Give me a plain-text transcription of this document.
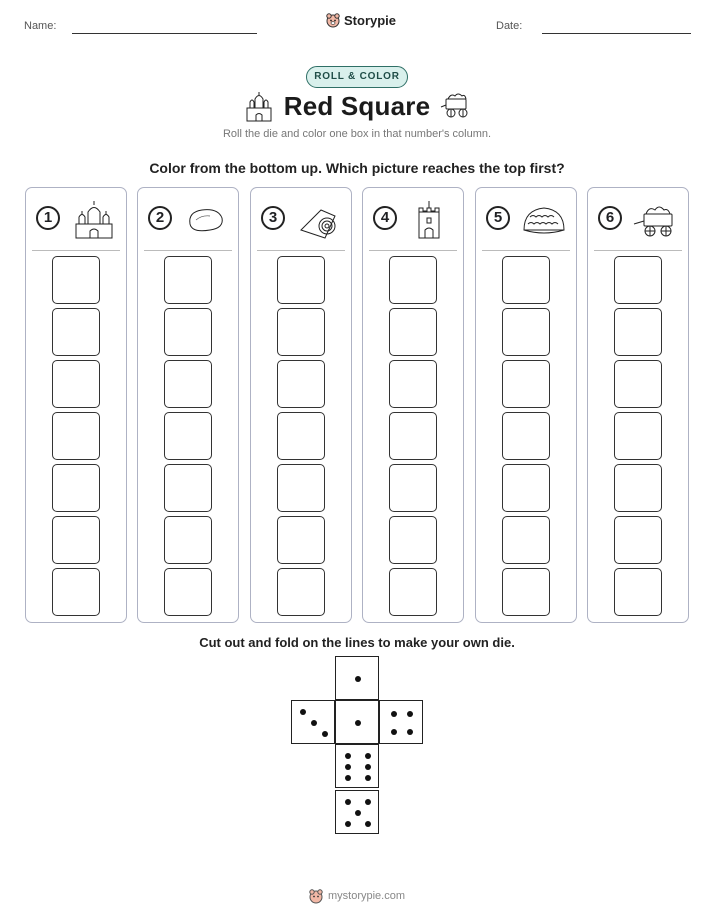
Name:	Storypie	Date:
ROLL & COLOR
Red Square
Roll the die and color one box in that number's column.
Color from the bottom up. Which picture reaches the top first?
1	2	3	4	5	6
Cut out and fold on the lines to make your own die.
mystorypie.com
